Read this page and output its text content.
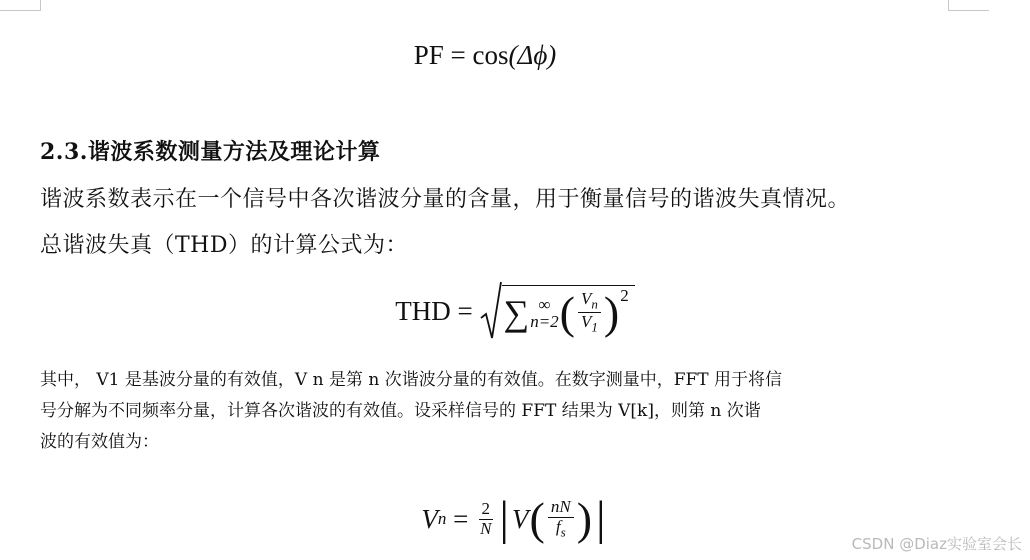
PF = cos(Δϕ)
2.3.谐波系数测量方法及理论计算
谐波系数表示在一个信号中各次谐波分量的含量，用于衡量信号的谐波失真情况。
总谐波失真（THD）的计算公式为：
THD
=
∑ ∞
n=2 ( $\frac{V_n}{V_1}$ ) 2
其中， V1 是基波分量的有效值，V n 是第 n 次谐波分量的有效值。在数字测量中，FFT 用于将信
号分解为不同频率分量，计算各次谐波的有效值。设采样信号的 FFT 结果为 V[k]，则第 n 次谐
波的有效值为：
V n
=
$\frac{2}{N}$ | V ( $\frac{nN}{f_s}$ ) |	CSDN @Diaz实验室会长
